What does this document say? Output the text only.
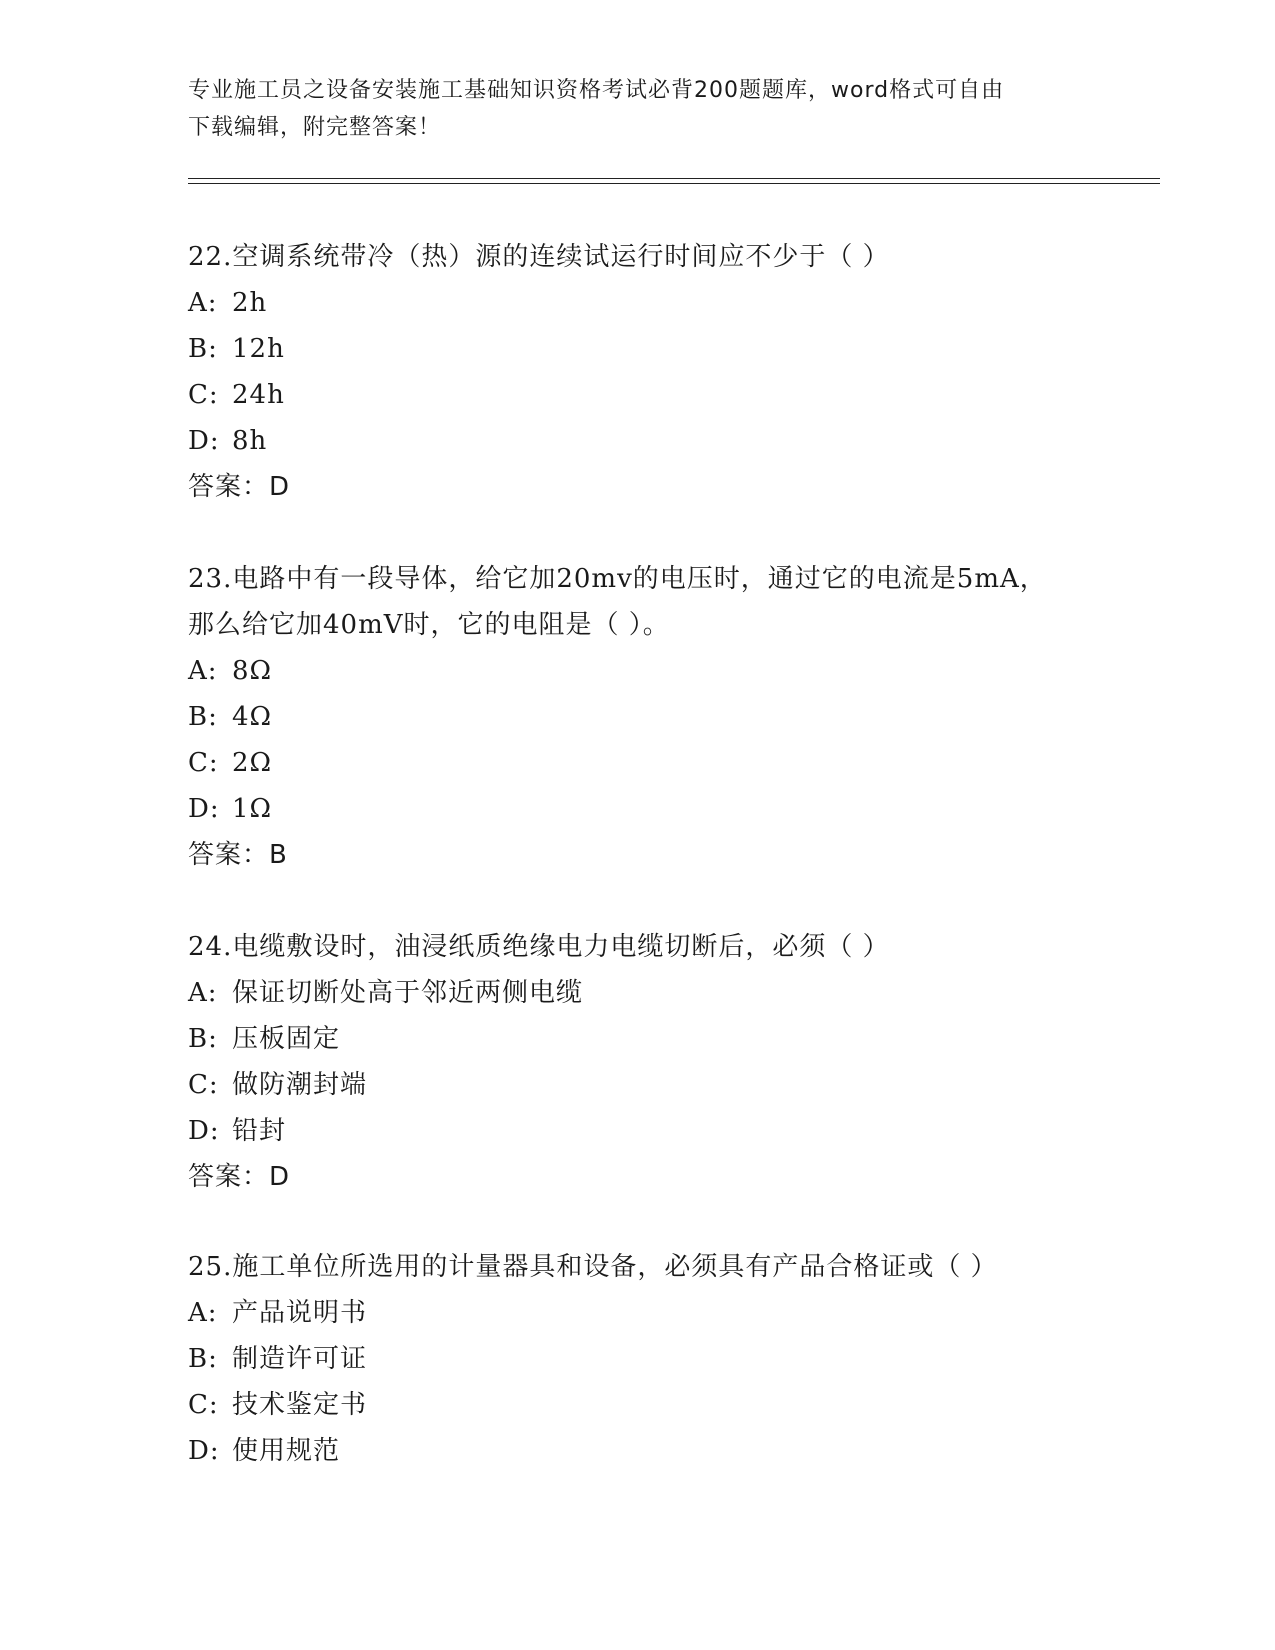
专业施工员之设备安装施工基础知识资格考试必背200题题库，word格式可自由
下载编辑，附完整答案！
22.空调系统带冷（热）源的连续试运行时间应不少于（ ）
A: 2h
B: 12h
C: 24h
D: 8h
答案：D
23.电路中有一段导体，给它加20mv的电压时，通过它的电流是5mA，
那么给它加40mV时，它的电阻是（ ）。
A: 8Ω
B: 4Ω
C: 2Ω
D: 1Ω
答案：B
24.电缆敷设时，油浸纸质绝缘电力电缆切断后，必须（ ）
A: 保证切断处高于邻近两侧电缆
B: 压板固定
C: 做防潮封端
D: 铅封
答案：D
25.施工单位所选用的计量器具和设备，必须具有产品合格证或（ ）
A: 产品说明书
B: 制造许可证
C: 技术鉴定书
D: 使用规范
